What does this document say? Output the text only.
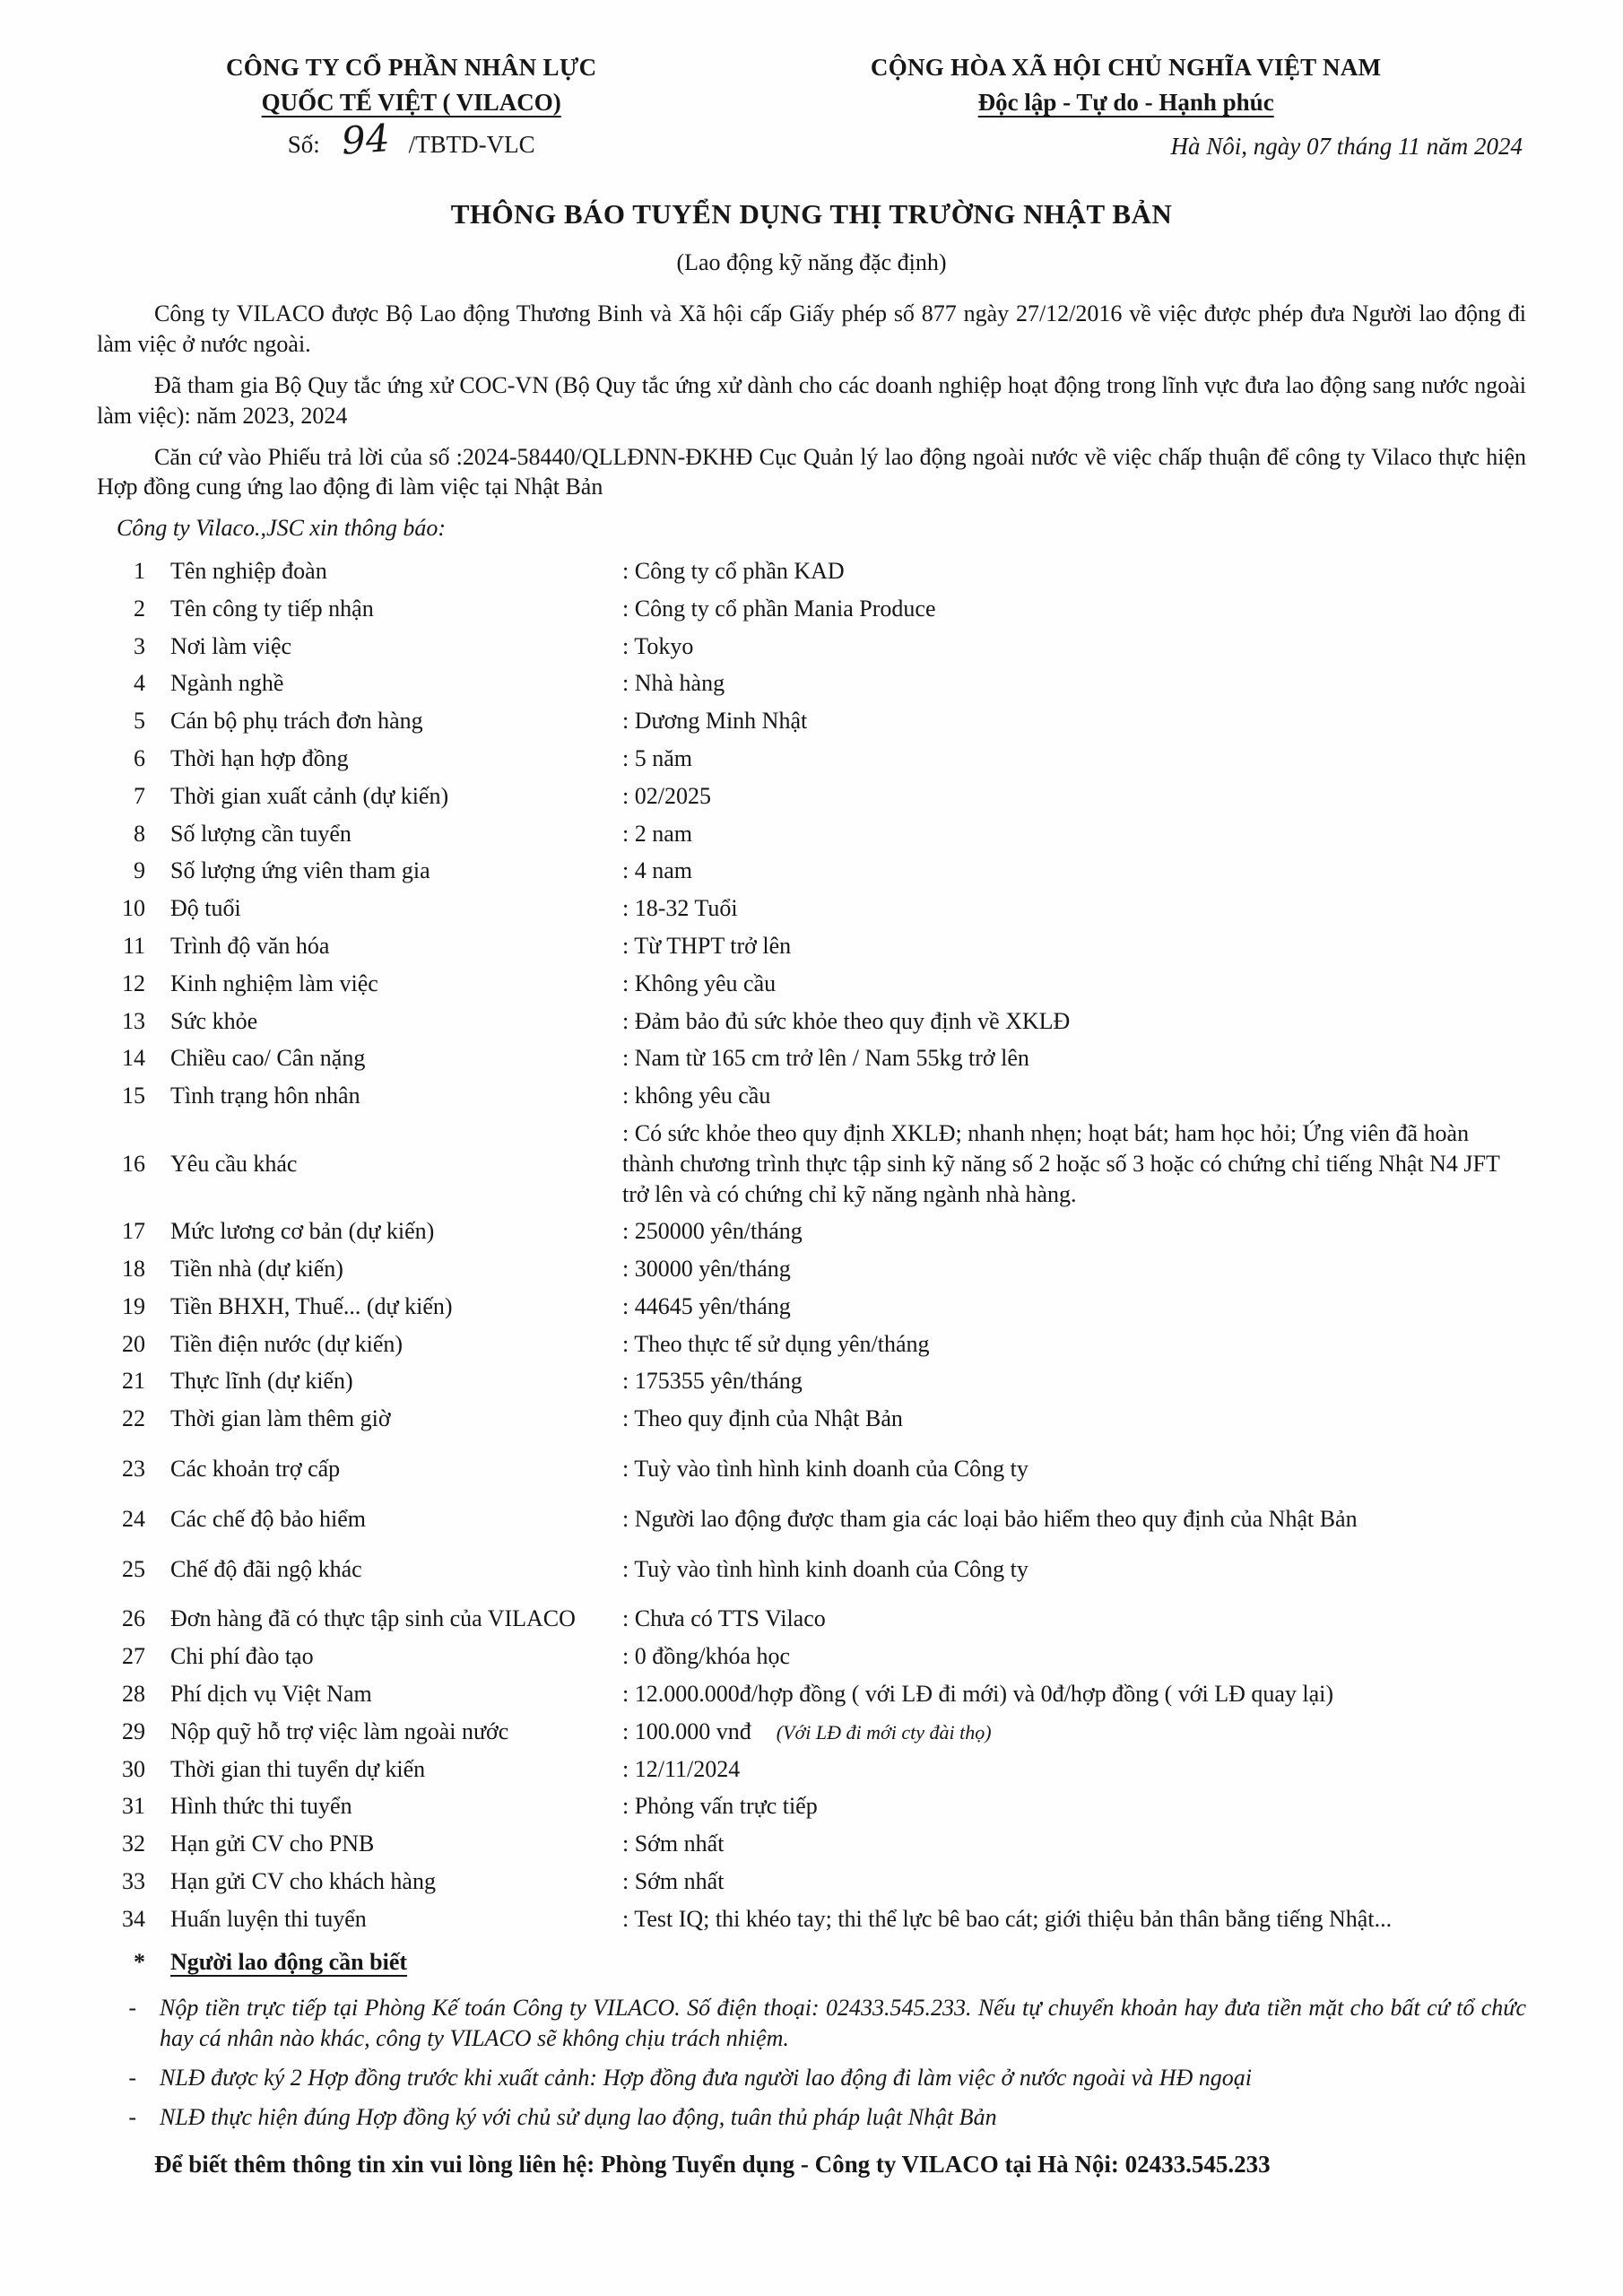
CÔNG TY CỔ PHẦN NHÂN LỰC
QUỐC TẾ VIỆT ( VILACO)
Số: 94 /TBTD-VLC
CỘNG HÒA XÃ HỘI CHỦ NGHĨA VIỆT NAM
Độc lập - Tự do - Hạnh phúc
Hà Nôi, ngày 07 tháng 11 năm 2024
THÔNG BÁO TUYỂN DỤNG THỊ TRƯỜNG NHẬT BẢN
(Lao động kỹ năng đặc định)

Công ty VILACO được Bộ Lao động Thương Binh và Xã hội cấp Giấy phép số 877 ngày 27/12/2016 về việc được phép đưa Người lao động đi làm việc ở nước ngoài.

Đã tham gia Bộ Quy tắc ứng xử COC-VN (Bộ Quy tắc ứng xử dành cho các doanh nghiệp hoạt động trong lĩnh vực đưa lao động sang nước ngoài làm việc): năm 2023, 2024

Căn cứ vào Phiếu trả lời của số :2024-58440/QLLĐNN-ĐKHĐ Cục Quản lý lao động ngoài nước về việc chấp thuận để công ty Vilaco thực hiện Hợp đồng cung ứng lao động đi làm việc tại Nhật Bản

Công ty Vilaco.,JSC xin thông báo:
1	Tên nghiệp đoàn	: Công ty cổ phần KAD
2	Tên công ty tiếp nhận	: Công ty cổ phần Mania Produce
3	Nơi làm việc	: Tokyo
4	Ngành nghề	: Nhà hàng
5	Cán bộ phụ trách đơn hàng	: Dương Minh Nhật
6	Thời hạn hợp đồng	: 5 năm
7	Thời gian xuất cảnh (dự kiến)	: 02/2025
8	Số lượng cần tuyển	: 2 nam
9	Số lượng ứng viên tham gia	: 4 nam
10	Độ tuổi	: 18-32 Tuổi
11	Trình độ văn hóa	: Từ THPT trở lên
12	Kinh nghiệm làm việc	: Không yêu cầu
13	Sức khỏe	: Đảm bảo đủ sức khỏe theo quy định về XKLĐ
14	Chiều cao/ Cân nặng	: Nam từ 165 cm trở lên / Nam 55kg trở lên
15	Tình trạng hôn nhân	: không yêu cầu
16	Yêu cầu khác
: Có sức khỏe theo quy định XKLĐ; nhanh nhẹn; hoạt bát; ham học hỏi; Ứng viên đã hoàn thành chương trình thực tập sinh kỹ năng số 2 hoặc số 3 hoặc có chứng chỉ tiếng Nhật N4 JFT trở lên và có chứng chỉ kỹ năng ngành nhà hàng.
17	Mức lương cơ bản (dự kiến)	: 250000 yên/tháng
18	Tiền nhà (dự kiến)	: 30000 yên/tháng
19	Tiền BHXH, Thuế... (dự kiến)	: 44645 yên/tháng
20	Tiền điện nước (dự kiến)	: Theo thực tế sử dụng yên/tháng
21	Thực lĩnh (dự kiến)	: 175355 yên/tháng
22	Thời gian làm thêm giờ	: Theo quy định của Nhật Bản
23	Các khoản trợ cấp	: Tuỳ vào tình hình kinh doanh của Công ty
24	Các chế độ bảo hiểm	: Người lao động được tham gia các loại bảo hiểm theo quy định của Nhật Bản
25	Chế độ đãi ngộ khác	: Tuỳ vào tình hình kinh doanh của Công ty
26	Đơn hàng đã có thực tập sinh của VILACO	: Chưa có TTS Vilaco
27	Chi phí đào tạo	: 0 đồng/khóa học
28	Phí dịch vụ Việt Nam	: 12.000.000đ/hợp đồng ( với LĐ đi mới) và 0đ/hợp đồng ( với LĐ quay lại)
29	Nộp quỹ hỗ trợ việc làm ngoài nước	: 100.000 vnđ (Với LĐ đi mới cty đài thọ)
30	Thời gian thi tuyển dự kiến	: 12/11/2024
31	Hình thức thi tuyển	: Phỏng vấn trực tiếp
32	Hạn gửi CV cho PNB	: Sớm nhất
33	Hạn gửi CV cho khách hàng	: Sớm nhất
34	Huấn luyện thi tuyển	: Test IQ; thi khéo tay; thi thể lực bê bao cát; giới thiệu bản thân bằng tiếng Nhật...
*	Người lao động cần biết
-	Nộp tiền trực tiếp tại Phòng Kế toán Công ty VILACO. Số điện thoại: 02433.545.233. Nếu tự chuyển khoản hay đưa tiền mặt cho bất cứ tổ chức hay cá nhân nào khác, công ty VILACO sẽ không chịu trách nhiệm.
-	NLĐ được ký 2 Hợp đồng trước khi xuất cảnh: Hợp đồng đưa người lao động đi làm việc ở nước ngoài và HĐ ngoại
-	NLĐ thực hiện đúng Hợp đồng ký với chủ sử dụng lao động, tuân thủ pháp luật Nhật Bản
Để biết thêm thông tin xin vui lòng liên hệ: Phòng Tuyển dụng - Công ty VILACO tại Hà Nội: 02433.545.233
